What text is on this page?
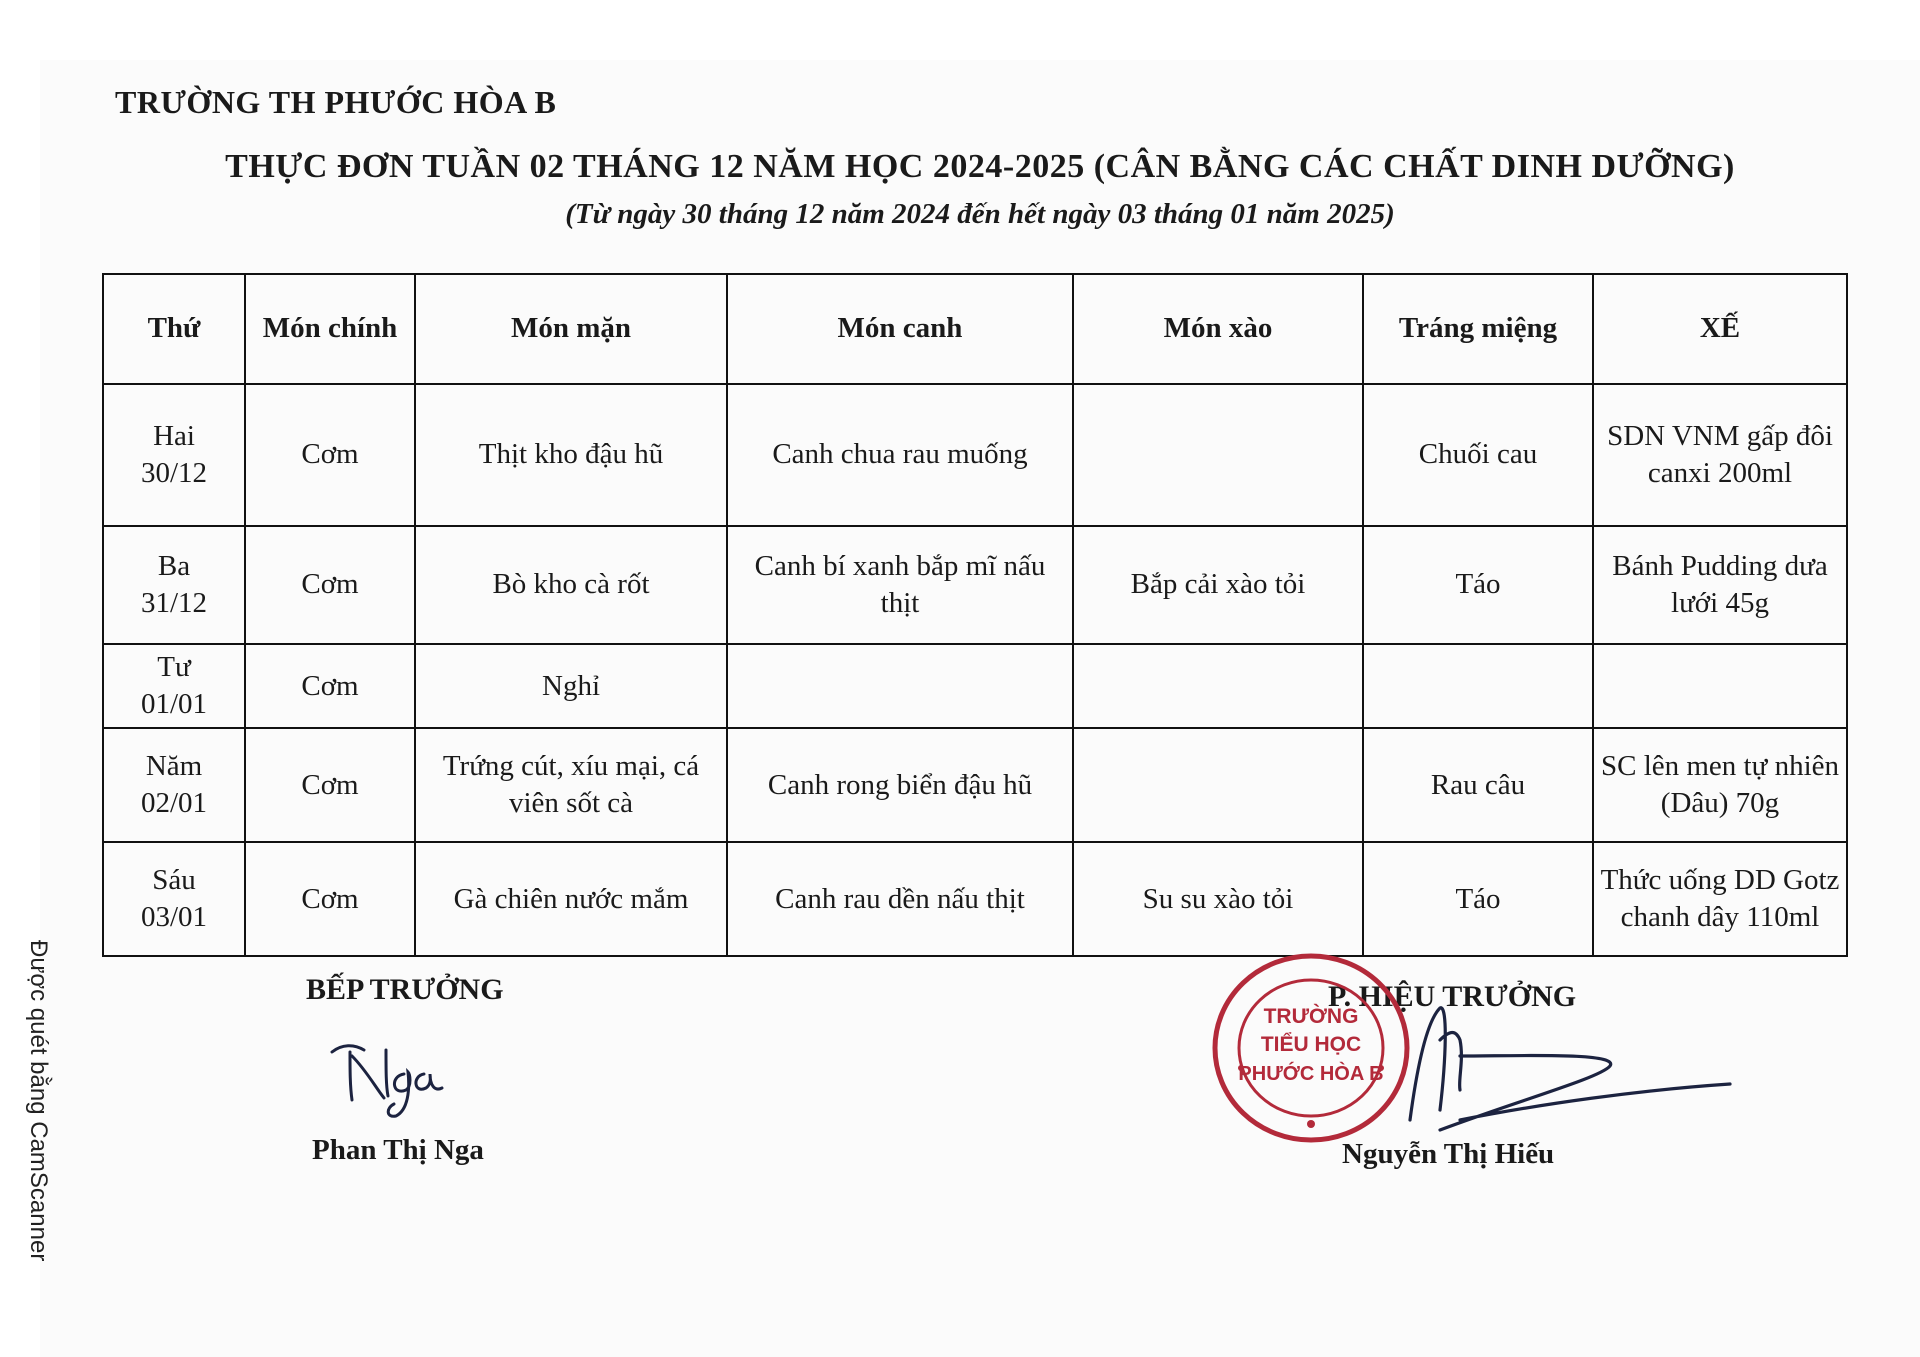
TRƯỜNG TH PHƯỚC HÒA B
THỰC ĐƠN TUẦN 02 THÁNG 12 NĂM HỌC 2024-2025 (CÂN BẰNG CÁC CHẤT DINH DƯỠNG)
(Từ ngày 30 tháng 12 năm 2024 đến hết ngày 03 tháng 01 năm 2025)
Thứ	Món chính	Món mặn	Món canh	Món xào	Tráng miệng	XẾ
Hai
30/12	Cơm	Thịt kho đậu hũ	Canh chua rau muống		Chuối cau	SDN VNM gấp đôi canxi 200ml
Ba
31/12	Cơm	Bò kho cà rốt	Canh bí xanh bắp mĩ nấu thịt	Bắp cải xào tỏi	Táo	Bánh Pudding dưa lưới 45g
Tư
01/01	Cơm	Nghỉ				
Năm
02/01	Cơm	Trứng cút, xíu mại, cá viên sốt cà	Canh rong biển đậu hũ		Rau câu	SC lên men tự nhiên (Dâu) 70g
Sáu
03/01	Cơm	Gà chiên nước mắm	Canh rau dền nấu thịt	Su su xào tỏi	Táo	Thức uống DD Gotz chanh dây 110ml
BẾP TRƯỞNG
Phan Thị Nga
P. HIỆU TRƯỞNG
TRƯỜNG
TIỂU HỌC
PHƯỚC HÒA B
Nguyễn Thị Hiếu
Được quét bằng CamScanner
